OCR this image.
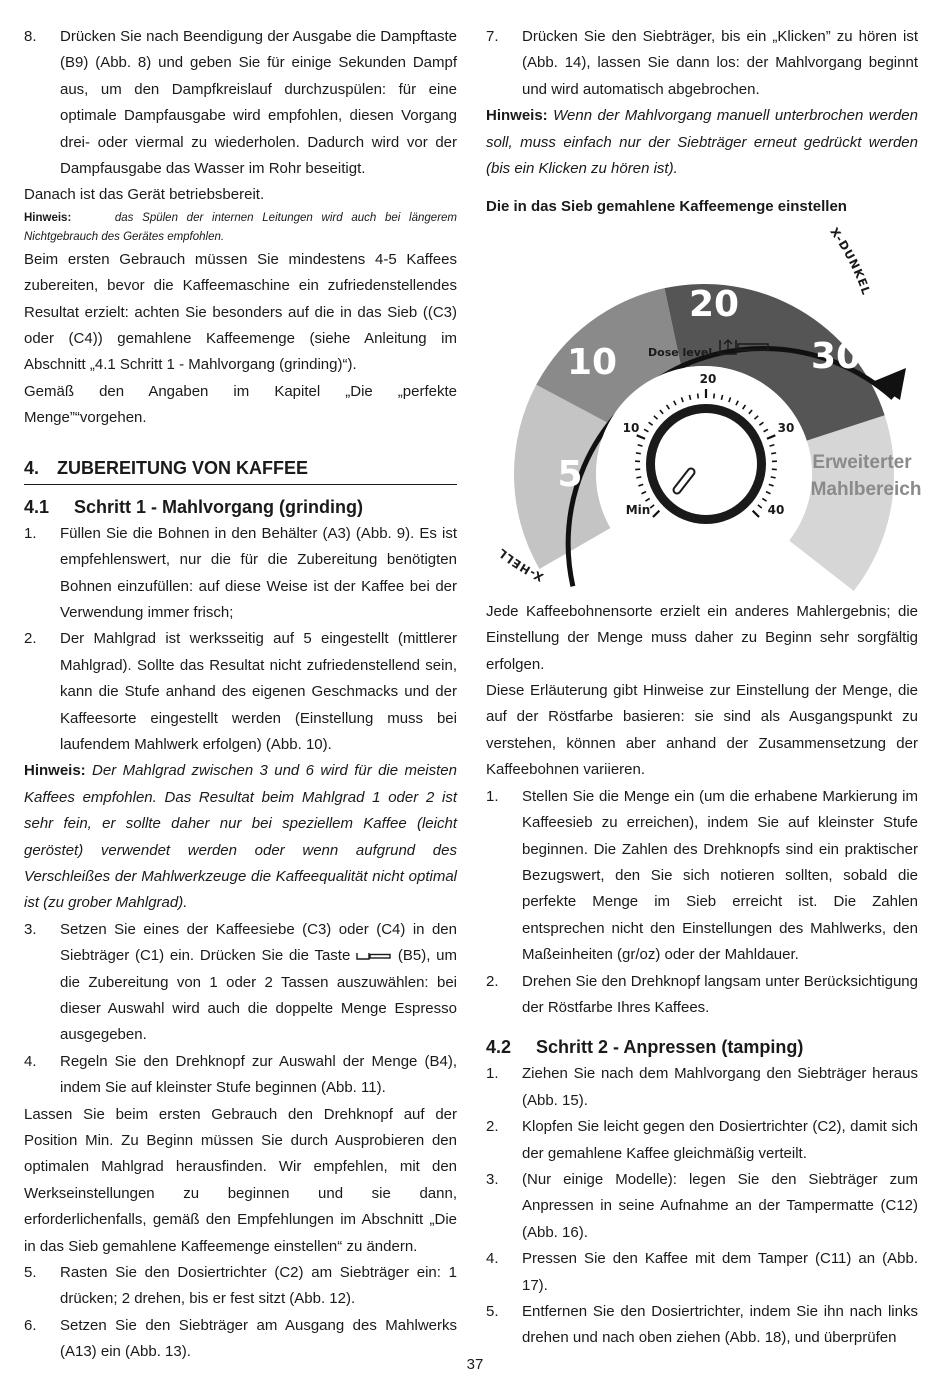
8.	Drücken Sie nach Beendigung der Ausgabe die Dampftaste (B9) (Abb. 8) und geben Sie für einige Sekunden Dampf aus, um den Dampfkreislauf durchzuspülen: für eine optimale Dampfausgabe wird empfohlen, diesen Vorgang drei- oder viermal zu wiederholen. Dadurch wird vor der Dampfausgabe das Wasser im Rohr beseitigt.

Danach ist das Gerät betriebsbereit.

Hinweis:	das Spülen der internen Leitungen wird auch bei längerem Nichtgebrauch des Gerätes empfohlen.

Beim ersten Gebrauch müssen Sie mindestens 4-5 Kaffees zubereiten, bevor die Kaffeemaschine ein zufriedenstellendes Resultat erzielt: achten Sie besonders auf die in das Sieb ((C3) oder (C4)) gemahlene Kaffeemenge (siehe Anleitung im Abschnitt „4.1 Schritt 1 - Mahlvorgang (grinding)“).

Gemäß den Angaben im Kapitel „Die „perfekte Menge”“vorgehen.

4. ZUBEREITUNG VON KAFFEE
4.1	Schritt 1 - Mahlvorgang (grinding)
1.	Füllen Sie die Bohnen in den Behälter (A3) (Abb. 9). Es ist empfehlenswert, nur die für die Zubereitung benötigten Bohnen einzufüllen: auf diese Weise ist der Kaffee bei der Verwendung immer frisch;
2.	Der Mahlgrad ist werksseitig auf 5 eingestellt (mittlerer Mahlgrad). Sollte das Resultat nicht zufriedenstellend sein, kann die Stufe anhand des eigenen Geschmacks und der Kaffeesorte eingestellt werden (Einstellung muss bei laufendem Mahlwerk erfolgen) (Abb. 10).

Hinweis: Der Mahlgrad zwischen 3 und 6 wird für die meisten Kaffees empfohlen. Das Resultat beim Mahlgrad 1 oder 2 ist sehr fein, er sollte daher nur bei speziellem Kaffee (leicht geröstet) verwendet werden oder wenn aufgrund des Verschleißes der Mahlwerkzeuge die Kaffeequalität nicht optimal ist (zu grober Mahlgrad).

3.	Setzen Sie eines der Kaffeesiebe (C3) oder (C4) in den Siebträger (C1) ein. Drücken Sie die Taste	(B5), um die Zubereitung von 1 oder 2 Tassen auszuwählen: bei dieser Auswahl wird auch die doppelte Menge Espresso ausgegeben.
4.	Regeln Sie den Drehknopf zur Auswahl der Menge (B4), indem Sie auf kleinster Stufe beginnen (Abb. 11).

Lassen Sie beim ersten Gebrauch den Drehknopf auf der Position Min. Zu Beginn müssen Sie durch Ausprobieren den optimalen Mahlgrad herausfinden. Wir empfehlen, mit den Werkseinstellungen zu beginnen und sie dann, erforderlichenfalls, gemäß den Empfehlungen im Abschnitt „Die in das Sieb gemahlene Kaffeemenge einstellen“ zu ändern.

5.	Rasten Sie den Dosiertrichter (C2) am Siebträger ein: 1 drücken; 2 drehen, bis er fest sitzt (Abb. 12).
6.	Setzen Sie den Siebträger am Ausgang des Mahlwerks (A13) ein (Abb. 13).
7.	Drücken Sie den Siebträger, bis ein „Klicken” zu hören ist (Abb. 14), lassen Sie dann los: der Mahlvorgang beginnt und wird automatisch abgebrochen.

Hinweis: Wenn der Mahlvorgang manuell unterbrochen werden soll, muss einfach nur der Siebträger erneut gedrückt werden (bis ein Klicken zu hören ist).

Die in das Sieb gemahlene Kaffeemenge einstellen

Jede Kaffeebohnensorte erzielt ein anderes Mahlergebnis; die Einstellung der Menge muss daher zu Beginn sehr sorgfältig erfolgen.

Diese Erläuterung gibt Hinweise zur Einstellung der Menge, die auf der Röstfarbe basieren: sie sind als Ausgangspunkt zu verstehen, können aber anhand der Zusammensetzung der Kaffeebohnen variieren.

1.	Stellen Sie die Menge ein (um die erhabene Markierung im Kaffeesieb zu erreichen), indem Sie auf kleinster Stufe beginnen. Die Zahlen des Drehknopfs sind ein praktischer Bezugswert, den Sie sich notieren sollten, sobald die perfekte Menge im Sieb erreicht ist. Die Zahlen entsprechen nicht den Einstellungen des Mahlwerks, den Maßeinheiten (gr/oz) oder der Mahldauer.
2.	Drehen Sie den Drehknopf langsam unter Berücksichtigung der Röstfarbe Ihres Kaffees.
4.2	Schritt 2 - Anpressen (tamping)
1.	Ziehen Sie nach dem Mahlvorgang den Siebträger heraus (Abb. 15).
2.	Klopfen Sie leicht gegen den Dosiertrichter (C2), damit sich der gemahlene Kaffee gleichmäßig verteilt.
3.	(Nur einige Modelle): legen Sie den Siebträger zum Anpressen in seine Aufnahme an der Tampermatte (C12) (Abb. 16).
4.	Pressen Sie den Kaffee mit dem Tamper (C11) an (Abb. 17).
5.	Entfernen Sie den Dosiertrichter, indem Sie ihn nach links drehen und nach oben ziehen (Abb. 18), und überprüfen
X-HELL
X-DUNKEL
5
10
20
30
Erweiterter
Mahlbereich
Dose level
Min
10
20
30
40
37
